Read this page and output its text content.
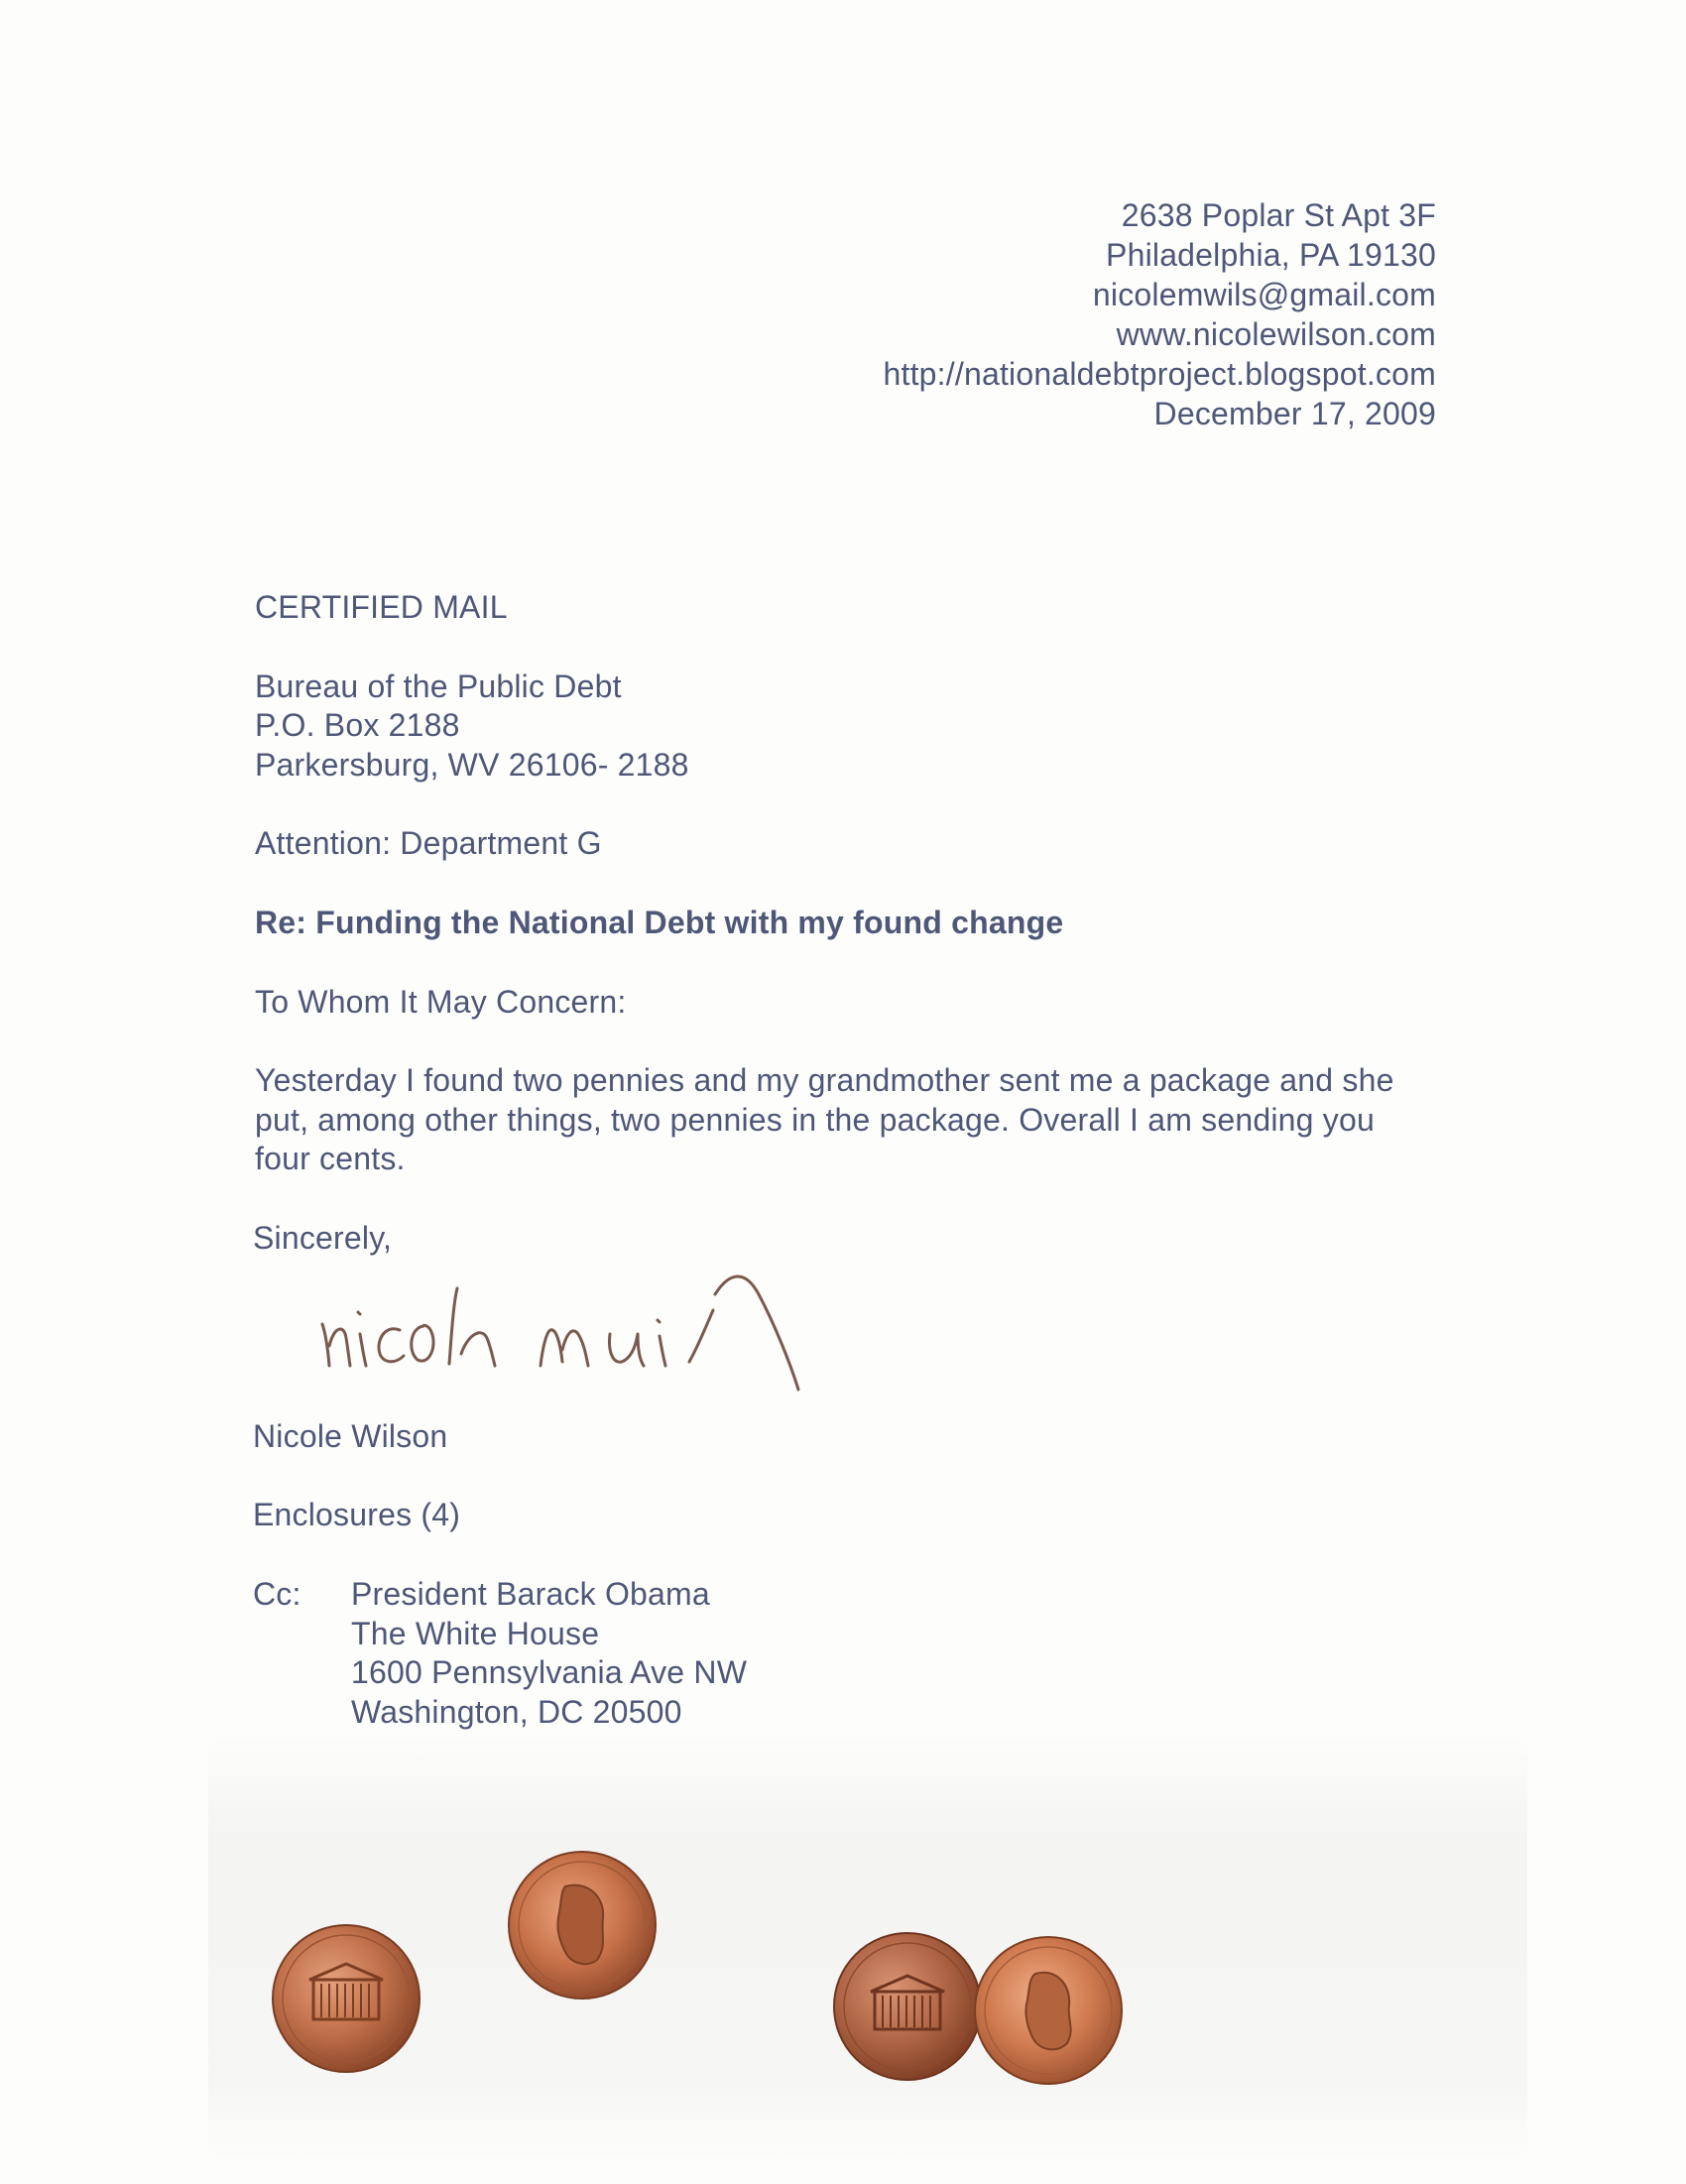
2638 Poplar St Apt 3F
Philadelphia, PA 19130
nicolemwils@gmail.com
www.nicolewilson.com
http://nationaldebtproject.blogspot.com
December 17, 2009
CERTIFIED MAIL
Bureau of the Public Debt
P.O. Box 2188
Parkersburg, WV 26106- 2188
Attention: Department G
Re: Funding the National Debt with my found change
To Whom It May Concern:
Yesterday I found two pennies and my grandmother sent me a package and she
put, among other things, two pennies in the package. Overall I am sending you
four cents.
Sincerely,
Nicole Wilson
Enclosures (4)
Cc: President Barack Obama
The White House
1600 Pennsylvania Ave NW
Washington, DC 20500
